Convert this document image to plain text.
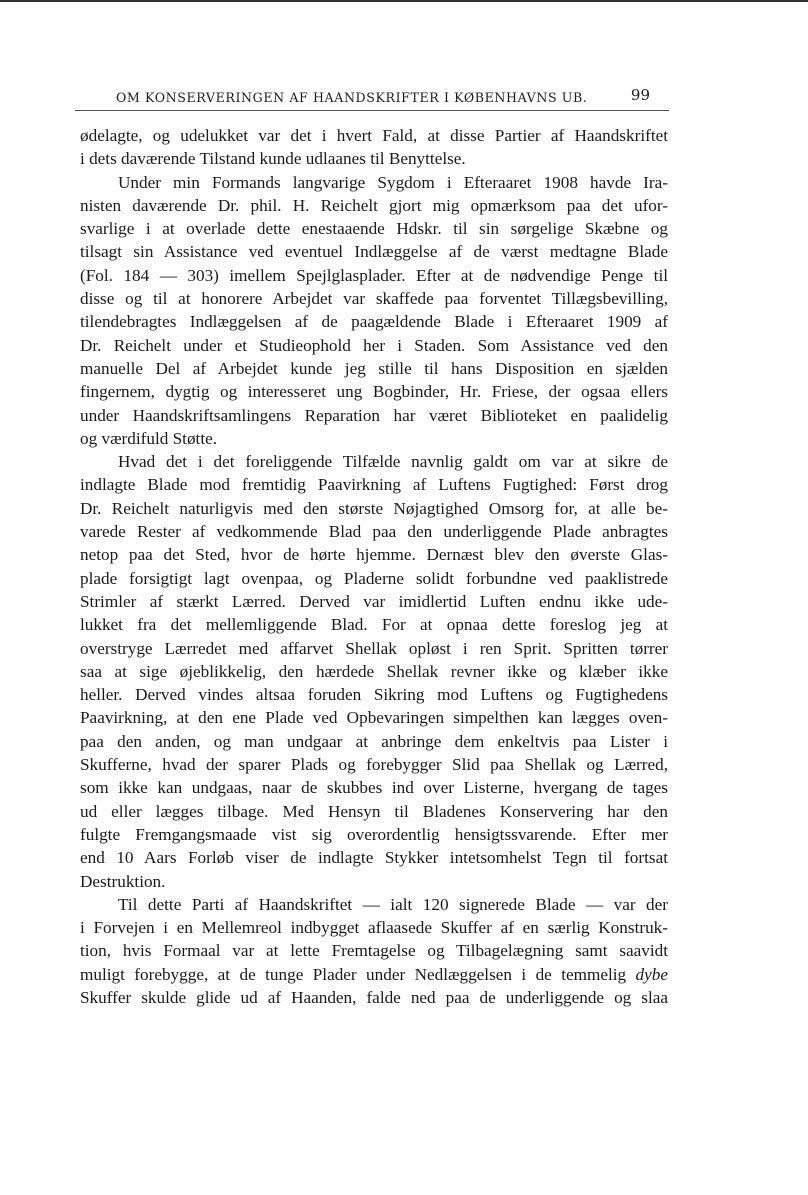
OM KONSERVERINGEN AF HAANDSKRIFTER I KØBENHAVNS UB.	99
ødelagte, og udelukket var det i hvert Fald, at disse Partier af Haandskriftet
i dets daværende Tilstand kunde udlaanes til Benyttelse.
Under min Formands langvarige Sygdom i Efteraaret 1908 havde Ira-
nisten daværende Dr. phil. H. Reichelt gjort mig opmærksom paa det ufor-
svarlige i at overlade dette enestaaende Hdskr. til sin sørgelige Skæbne og
tilsagt sin Assistance ved eventuel Indlæggelse af de værst medtagne Blade
(Fol. 184 — 303) imellem Spejlglasplader. Efter at de nødvendige Penge til
disse og til at honorere Arbejdet var skaffede paa forventet Tillægsbevilling,
tilendebragtes Indlæggelsen af de paagældende Blade i Efteraaret 1909 af
Dr. Reichelt under et Studieophold her i Staden. Som Assistance ved den
manuelle Del af Arbejdet kunde jeg stille til hans Disposition en sjælden
fingernem, dygtig og interesseret ung Bogbinder, Hr. Friese, der ogsaa ellers
under Haandskriftsamlingens Reparation har været Biblioteket en paalidelig
og værdifuld Støtte.
Hvad det i det foreliggende Tilfælde navnlig galdt om var at sikre de
indlagte Blade mod fremtidig Paavirkning af Luftens Fugtighed: Først drog
Dr. Reichelt naturligvis med den største Nøjagtighed Omsorg for, at alle be-
varede Rester af vedkommende Blad paa den underliggende Plade anbragtes
netop paa det Sted, hvor de hørte hjemme. Dernæst blev den øverste Glas-
plade forsigtigt lagt ovenpaa, og Pladerne solidt forbundne ved paaklistrede
Strimler af stærkt Lærred. Derved var imidlertid Luften endnu ikke ude-
lukket fra det mellemliggende Blad. For at opnaa dette foreslog jeg at
overstryge Lærredet med affarvet Shellak opløst i ren Sprit. Spritten tørrer
saa at sige øjeblikkelig, den hærdede Shellak revner ikke og klæber ikke
heller. Derved vindes altsaa foruden Sikring mod Luftens og Fugtighedens
Paavirkning, at den ene Plade ved Opbevaringen simpelthen kan lægges oven-
paa den anden, og man undgaar at anbringe dem enkeltvis paa Lister i
Skufferne, hvad der sparer Plads og forebygger Slid paa Shellak og Lærred,
som ikke kan undgaas, naar de skubbes ind over Listerne, hvergang de tages
ud eller lægges tilbage. Med Hensyn til Bladenes Konservering har den
fulgte Fremgangsmaade vist sig overordentlig hensigtssvarende. Efter mer
end 10 Aars Forløb viser de indlagte Stykker intetsomhelst Tegn til fortsat
Destruktion.
Til dette Parti af Haandskriftet — ialt 120 signerede Blade — var der
i Forvejen i en Mellemreol indbygget aflaasede Skuffer af en særlig Konstruk-
tion, hvis Formaal var at lette Fremtagelse og Tilbagelægning samt saavidt
muligt forebygge, at de tunge Plader under Nedlæggelsen i de temmelig dybe
Skuffer skulde glide ud af Haanden, falde ned paa de underliggende og slaa
